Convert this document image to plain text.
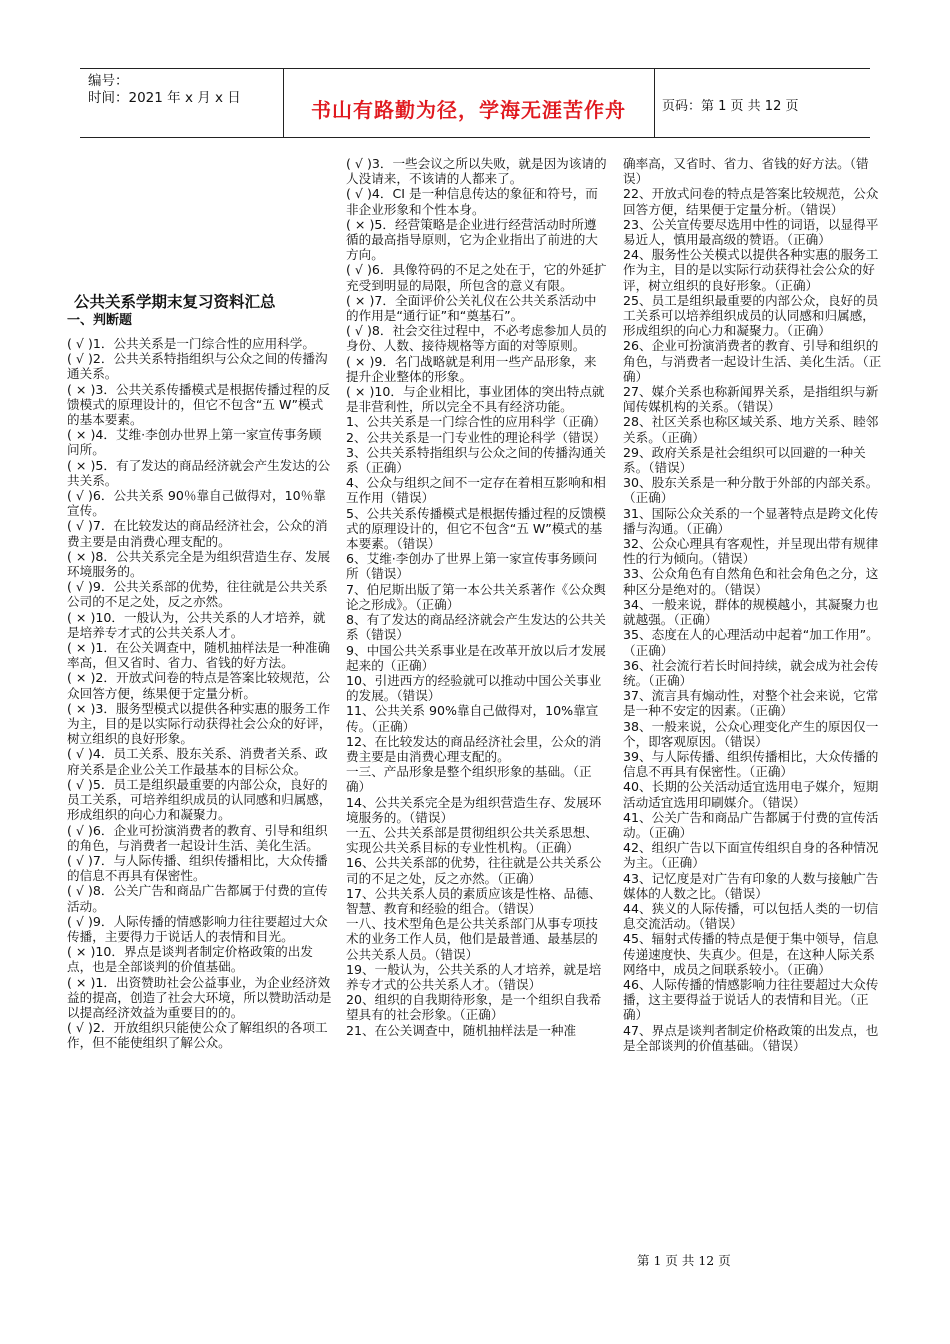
编号：
时间：2021 年 x 月 x 日	书山有路勤为径，学海无涯苦作舟	页码：第 1 页 共 12 页
公共关系学期末复习资料汇总
一、判断题

( √ )1．公共关系是一门综合性的应用科学。

( √ )2．公共关系特指组织与公众之间的传播沟通关系。

( × )3．公共关系传播模式是根据传播过程的反馈模式的原理设计的，但它不包含“五 W”模式的基本要素。

( × )4．艾维·李创办世界上第一家宣传事务顾问所。

( × )5．有了发达的商品经济就会产生发达的公共关系。

( √ )6．公共关系 90％靠自己做得对，10％靠宣传。

( √ )7．在比较发达的商品经济社会，公众的消费主要是由消费心理支配的。

( × )8．公共关系完全是为组织营造生存、发展环境服务的。

( √ )9．公共关系部的优势，往往就是公共关系公司的不足之处，反之亦然。

( × )10．一般认为，公共关系的人才培养，就是培养专才式的公共关系人才。

( × )1．在公关调查中，随机抽样法是一种准确率高，但又省时、省力、省钱的好方法。

( × )2．开放式问卷的特点是答案比较规范，公众回答方便，练果便于定量分析。

( × )3．服务型模式以提供各种实惠的服务工作为主，目的是以实际行动获得社会公众的好评，树立组织的良好形象。

( √ )4．员工关系、股东关系、消费者关系、政府关系是企业公关工作最基本的目标公众。

( √ )5．员工是组织最重要的内部公众，良好的员工关系，可培养组织成员的认同感和归属感，形成组织的向心力和凝聚力。

( √ )6．企业可扮演消费者的教育、引导和组织的角色，与消费者一起设计生活、美化生活。

( √ )7．与人际传播、组织传播相比，大众传播的信息不再具有保密性。

( √ )8．公关广告和商品广告都属于付费的宣传活动。

( √ )9．人际传播的情感影响力往往要超过大众传播，主要得力于说话人的表情和目光。

( × )10．界点是谈判者制定价格政策的出发点，也是全部谈判的价值基础。

( × )1．出资赞助社会公益事业，为企业经济效益的提高，创造了社会大环境，所以赞助活动是以提高经济效益为重要目的的。

( √ )2．开放组织只能使公众了解组织的各项工作，但不能使组织了解公众。

( √ )3．一些会议之所以失败，就是因为该请的人没请来，不该请的人都来了。

( √ )4．CI 是一种信息传达的象征和符号，而非企业形象和个性本身。

( × )5．经营策略是企业进行经营活动时所遵循的最高指导原则，它为企业指出了前进的大方向。

( √ )6．具像符码的不足之处在于，它的外延扩充受到明显的局限，所包含的意义有限。

( × )7．全面评价公关礼仪在公共关系活动中的作用是“通行证”和“奠基石”。

( √ )8．社会交往过程中，不必考虑参加人员的身份、人数、接待规格等方面的对等原则。

( × )9．名门战略就是利用一些产品形象，来提升企业整体的形象。

( × )10．与企业相比，事业团体的突出特点就是非营利性，所以完全不具有经济功能。

1、公共关系是一门综合性的应用科学（正确）

2、公共关系是一门专业性的理论科学（错误）

3、公共关系特指组织与公众之间的传播沟通关系（正确）

4、公众与组织之间不一定存在着相互影响和相互作用（错误）

5、公共关系传播模式是根据传播过程的反馈模式的原理设计的，但它不包含“五 W”模式的基本要素。（错误）

6、艾维·李创办了世界上第一家宣传事务顾问所（错误）

7、伯尼斯出版了第一本公共关系著作《公众舆论之形成》。（正确）

8、有了发达的商品经济就会产生发达的公共关系（错误）

9、中国公共关系事业是在改革开放以后才发展起来的（正确）

10、引进西方的经验就可以推动中国公关事业的发展。（错误）

11、公共关系 90%靠自己做得对，10%靠宣传。（正确）

12、在比较发达的商品经济社会里，公众的消费主要是由消费心理支配的。

一三、产品形象是整个组织形象的基础。（正确）

14、公共关系完全是为组织营造生存、发展环境服务的。（错误）

一五、公共关系部是贯彻组织公共关系思想、实现公共关系目标的专业性机构。（正确）

16、公共关系部的优势，往往就是公共关系公司的不足之处，反之亦然。（正确）

17、公共关系人员的素质应该是性格、品德、智慧、教育和经验的组合。（错误）

一八、技术型角色是公共关系部门从事专项技术的业务工作人员，他们是最普通、最基层的公共关系人员。（错误）

19、一般认为，公共关系的人才培养，就是培养专才式的公共关系人才。（错误）

20、组织的自我期待形象，是一个组织自我希望具有的社会形象。（正确）

21、在公关调查中，随机抽样法是一种准

确率高，又省时、省力、省钱的好方法。（错误）

22、开放式问卷的特点是答案比较规范，公众回答方便，结果便于定量分析。（错误）

23、公关宣传要尽选用中性的词语，以显得平易近人，慎用最高级的赞语。（正确）

24、服务性公关模式以提供各种实惠的服务工作为主，目的是以实际行动获得社会公众的好评，树立组织的良好形象。（正确）

25、员工是组织最重要的内部公众，良好的员工关系可以培养组织成员的认同感和归属感，形成组织的向心力和凝聚力。（正确）

26、企业可扮演消费者的教育、引导和组织的角色，与消费者一起设计生活、美化生活。（正确）

27、媒介关系也称新闻界关系，是指组织与新闻传媒机构的关系。（错误）

28、社区关系也称区域关系、地方关系、睦邻关系。（正确）

29、政府关系是社会组织可以回避的一种关系。（错误）

30、股东关系是一种分散于外部的内部关系。（正确）

31、国际公众关系的一个显著特点是跨文化传播与沟通。（正确）

32、公众心理具有客观性，并呈现出带有规律性的行为倾向。（错误）

33、公众角色有自然角色和社会角色之分，这种区分是绝对的。（错误）

34、一般来说，群体的规模越小，其凝聚力也就越强。（正确）

35、态度在人的心理活动中起着“加工作用”。（正确）

36、社会流行若长时间持续，就会成为社会传统。（正确）

37、流言具有煽动性，对整个社会来说，它常是一种不安定的因素。（正确）

38、一般来说，公众心理变化产生的原因仅一个，即客观原因。（错误）

39、与人际传播、组织传播相比，大众传播的信息不再具有保密性。（正确）

40、长期的公关活动适宜选用电子媒介，短期活动适宜选用印刷媒介。（错误）

41、公关广告和商品广告都属于付费的宣传活动。（正确）

42、组织广告以下面宣传组织自身的各种情况为主。（正确）

43、记忆度是对广告有印象的人数与接触广告媒体的人数之比。（错误）

44、狭义的人际传播，可以包括人类的一切信息交流活动。（错误）

45、辐射式传播的特点是便于集中领导，信息传递速度快、失真少。但是，在这种人际关系网络中，成员之间联系较小。（正确）

46、人际传播的情感影响力往往要超过大众传播，这主要得益于说话人的表情和目光。（正确）

47、界点是谈判者制定价格政策的出发点，也是全部谈判的价值基础。（错误）

第 1 页 共 12 页
